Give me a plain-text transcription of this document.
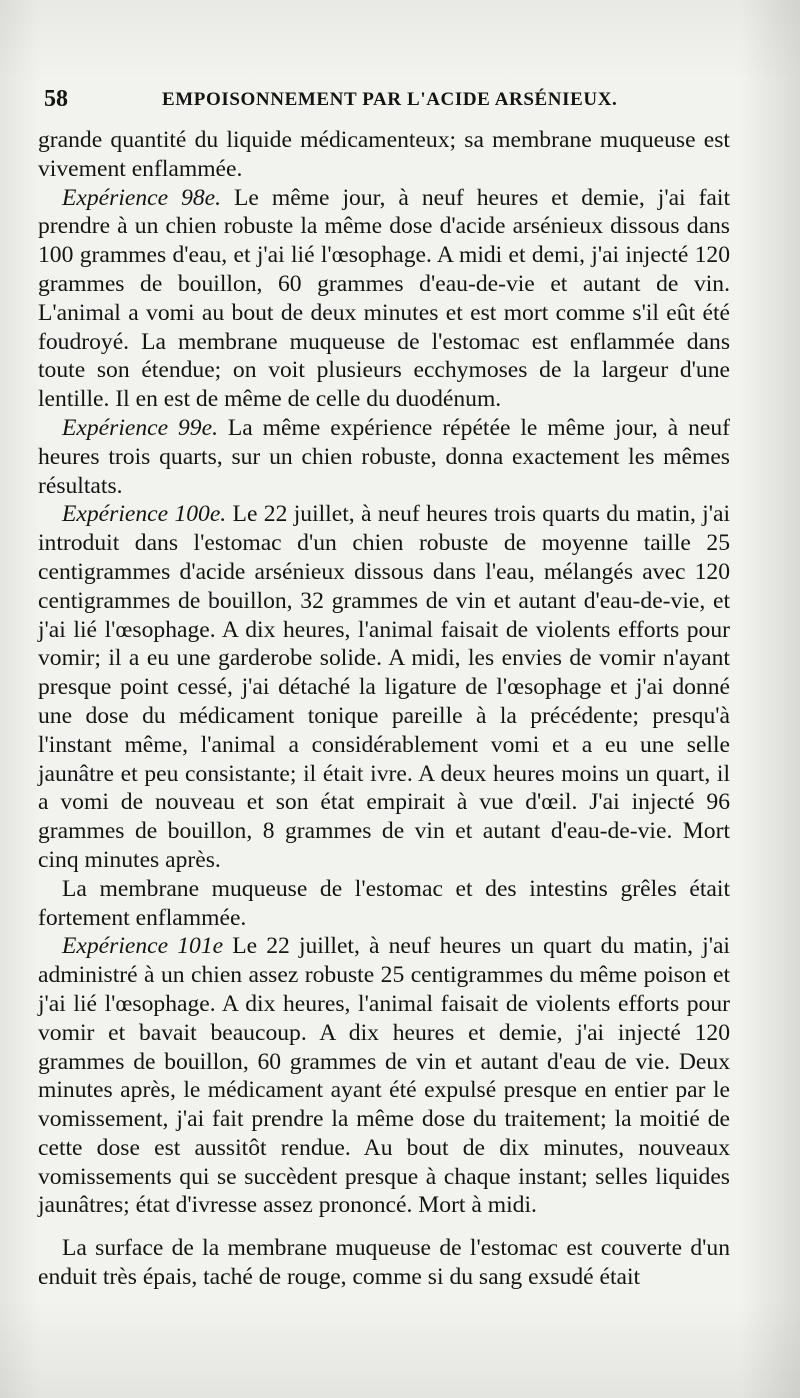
58	EMPOISONNEMENT PAR L'ACIDE ARSÉNIEUX.

grande quantité du liquide médicamenteux; sa membrane muqueuse est vivement enflammée.

Expérience 98e. Le même jour, à neuf heures et demie, j'ai fait prendre à un chien robuste la même dose d'acide arsénieux dissous dans 100 grammes d'eau, et j'ai lié l'œsophage. A midi et demi, j'ai injecté 120 grammes de bouillon, 60 grammes d'eau-de-vie et autant de vin. L'animal a vomi au bout de deux minutes et est mort comme s'il eût été foudroyé. La membrane muqueuse de l'estomac est enflammée dans toute son étendue; on voit plusieurs ecchymoses de la largeur d'une lentille. Il en est de même de celle du duodénum.

Expérience 99e. La même expérience répétée le même jour, à neuf heures trois quarts, sur un chien robuste, donna exactement les mêmes résultats.

Expérience 100e. Le 22 juillet, à neuf heures trois quarts du matin, j'ai introduit dans l'estomac d'un chien robuste de moyenne taille 25 centigrammes d'acide arsénieux dissous dans l'eau, mélangés avec 120 centigrammes de bouillon, 32 grammes de vin et autant d'eau-de-vie, et j'ai lié l'œsophage. A dix heures, l'animal faisait de violents efforts pour vomir; il a eu une garderobe solide. A midi, les envies de vomir n'ayant presque point cessé, j'ai détaché la ligature de l'œsophage et j'ai donné une dose du médicament tonique pareille à la précédente; presqu'à l'instant même, l'animal a considérablement vomi et a eu une selle jaunâtre et peu consistante; il était ivre. A deux heures moins un quart, il a vomi de nouveau et son état empirait à vue d'œil. J'ai injecté 96 grammes de bouillon, 8 grammes de vin et autant d'eau-de-vie. Mort cinq minutes après.

La membrane muqueuse de l'estomac et des intestins grêles était fortement enflammée.

Expérience 101e Le 22 juillet, à neuf heures un quart du matin, j'ai administré à un chien assez robuste 25 centigrammes du même poison et j'ai lié l'œsophage. A dix heures, l'animal faisait de violents efforts pour vomir et bavait beaucoup. A dix heures et demie, j'ai injecté 120 grammes de bouillon, 60 grammes de vin et autant d'eau de vie. Deux minutes après, le médicament ayant été expulsé presque en entier par le vomissement, j'ai fait prendre la même dose du traitement; la moitié de cette dose est aussitôt rendue. Au bout de dix minutes, nouveaux vomissements qui se succèdent presque à chaque instant; selles liquides jaunâtres; état d'ivresse assez prononcé. Mort à midi.

La surface de la membrane muqueuse de l'estomac est couverte d'un enduit très épais, taché de rouge, comme si du sang exsudé était
